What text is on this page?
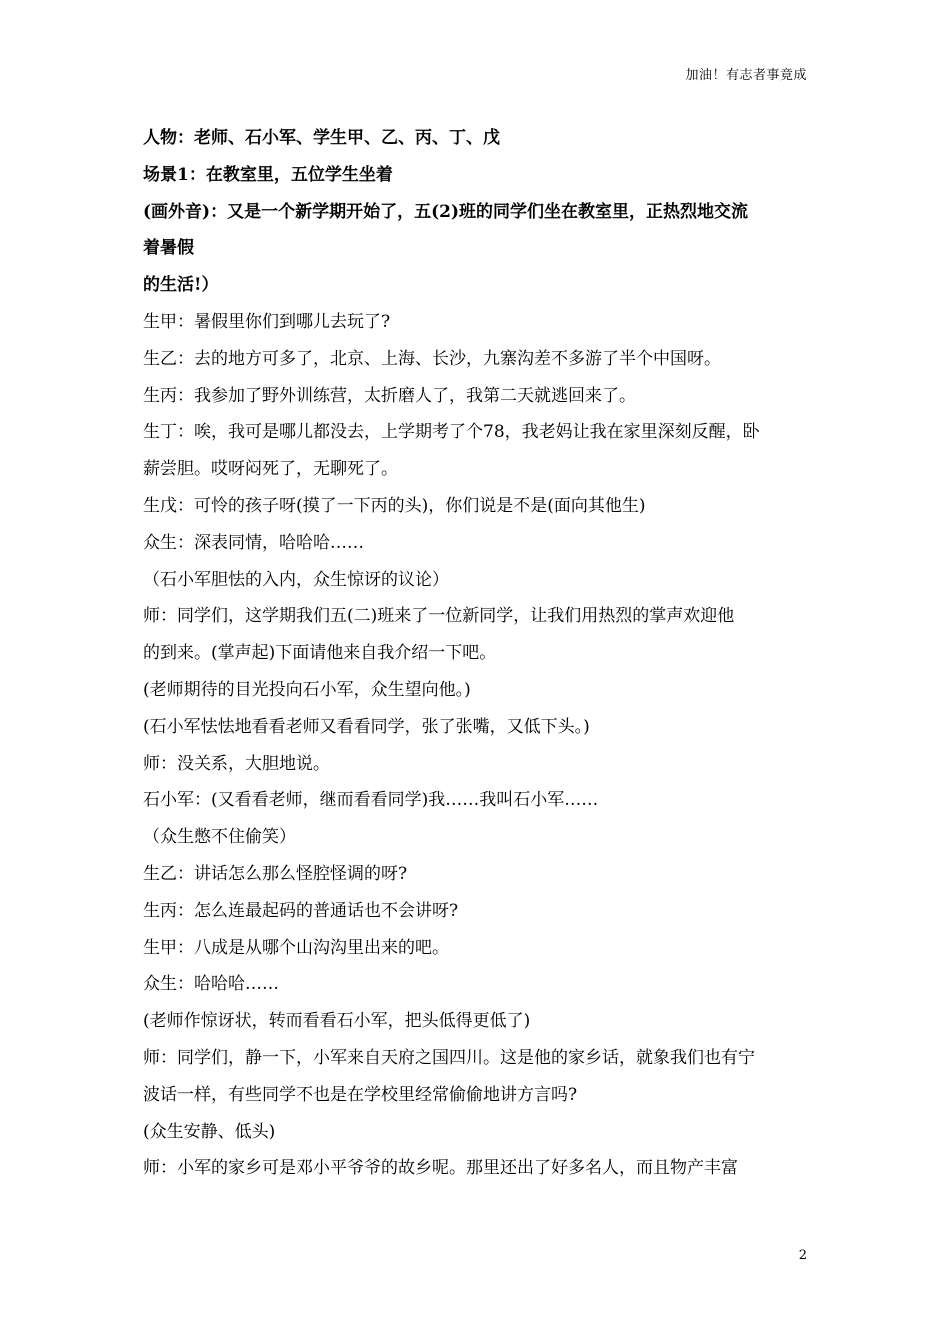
加油！有志者事竟成

人物：老师、石小军、学生甲、乙、丙、丁、戊

场景1：在教室里，五位学生坐着

(画外音)：又是一个新学期开始了，五(2)班的同学们坐在教室里，正热烈地交流

着暑假

的生活!）

生甲：暑假里你们到哪儿去玩了?

生乙：去的地方可多了，北京、上海、长沙，九寨沟差不多游了半个中国呀。

生丙：我参加了野外训练营，太折磨人了，我第二天就逃回来了。

生丁：唉，我可是哪儿都没去，上学期考了个78，我老妈让我在家里深刻反醒，卧

薪尝胆。哎呀闷死了，无聊死了。

生戊：可怜的孩子呀(摸了一下丙的头)，你们说是不是(面向其他生)

众生：深表同情，哈哈哈……

（石小军胆怯的入内，众生惊讶的议论）

师：同学们，这学期我们五(二)班来了一位新同学，让我们用热烈的掌声欢迎他

的到来。(掌声起)下面请他来自我介绍一下吧。

(老师期待的目光投向石小军，众生望向他。)

(石小军怯怯地看看老师又看看同学，张了张嘴，又低下头。)

师：没关系，大胆地说。

石小军：(又看看老师，继而看看同学)我……我叫石小军……

（众生憋不住偷笑）

生乙：讲话怎么那么怪腔怪调的呀?

生丙：怎么连最起码的普通话也不会讲呀?

生甲：八成是从哪个山沟沟里出来的吧。

众生：哈哈哈……

(老师作惊讶状，转而看看石小军，把头低得更低了)

师：同学们，静一下，小军来自天府之国四川。这是他的家乡话，就象我们也有宁

波话一样，有些同学不也是在学校里经常偷偷地讲方言吗?

(众生安静、低头)

师：小军的家乡可是邓小平爷爷的故乡呢。那里还出了好多名人，而且物产丰富

2
